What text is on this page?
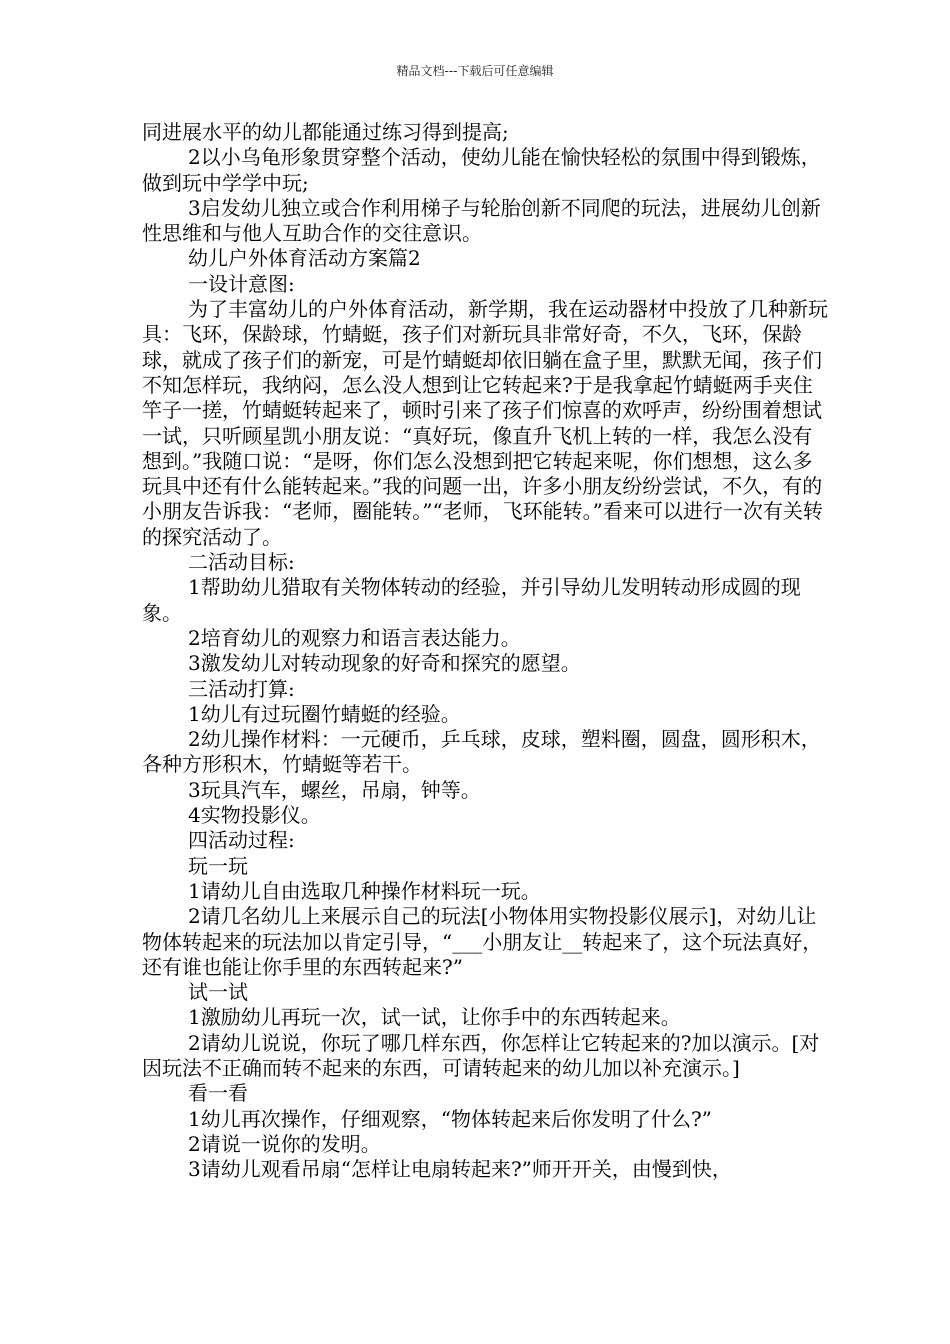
精品文档---下载后可任意编辑

同进展水平的幼儿都能通过练习得到提高;

2以小乌龟形象贯穿整个活动，使幼儿能在愉快轻松的氛围中得到锻炼，做到玩中学学中玩;

3启发幼儿独立或合作利用梯子与轮胎创新不同爬的玩法，进展幼儿创新性思维和与他人互助合作的交往意识。

幼儿户外体育活动方案篇2

一设计意图:

为了丰富幼儿的户外体育活动，新学期，我在运动器材中投放了几种新玩具：飞环，保龄球，竹蜻蜓，孩子们对新玩具非常好奇，不久，飞环，保龄球，就成了孩子们的新宠，可是竹蜻蜓却依旧躺在盒子里，默默无闻，孩子们不知怎样玩，我纳闷，怎么没人想到让它转起来?于是我拿起竹蜻蜓两手夹住竿子一搓，竹蜻蜓转起来了，顿时引来了孩子们惊喜的欢呼声，纷纷围着想试一试，只听顾星凯小朋友说：“真好玩，像直升飞机上转的一样，我怎么没有想到。”我随口说：“是呀，你们怎么没想到把它转起来呢，你们想想，这么多玩具中还有什么能转起来。”我的问题一出，许多小朋友纷纷尝试，不久，有的小朋友告诉我：“老师，圈能转。”“老师，飞环能转。”看来可以进行一次有关转的探究活动了。

二活动目标:

1帮助幼儿猎取有关物体转动的经验，并引导幼儿发明转动形成圆的现象。

2培育幼儿的观察力和语言表达能力。

3激发幼儿对转动现象的好奇和探究的愿望。

三活动打算:

1幼儿有过玩圈竹蜻蜓的经验。

2幼儿操作材料：一元硬币，乒乓球，皮球，塑料圈，圆盘，圆形积木，各种方形积木，竹蜻蜓等若干。

3玩具汽车，螺丝，吊扇，钟等。

4实物投影仪。

四活动过程:

玩一玩

1请幼儿自由选取几种操作材料玩一玩。

2请几名幼儿上来展示自己的玩法[小物体用实物投影仪展示]，对幼儿让物体转起来的玩法加以肯定引导，“___小朋友让__转起来了，这个玩法真好，还有谁也能让你手里的东西转起来?”

试一试

1激励幼儿再玩一次，试一试，让你手中的东西转起来。

2请幼儿说说，你玩了哪几样东西，你怎样让它转起来的?加以演示。[对因玩法不正确而转不起来的东西，可请转起来的幼儿加以补充演示。]

看一看

1幼儿再次操作，仔细观察，“物体转起来后你发明了什么?”

2请说一说你的发明。

3请幼儿观看吊扇“怎样让电扇转起来?”师开开关，由慢到快，
